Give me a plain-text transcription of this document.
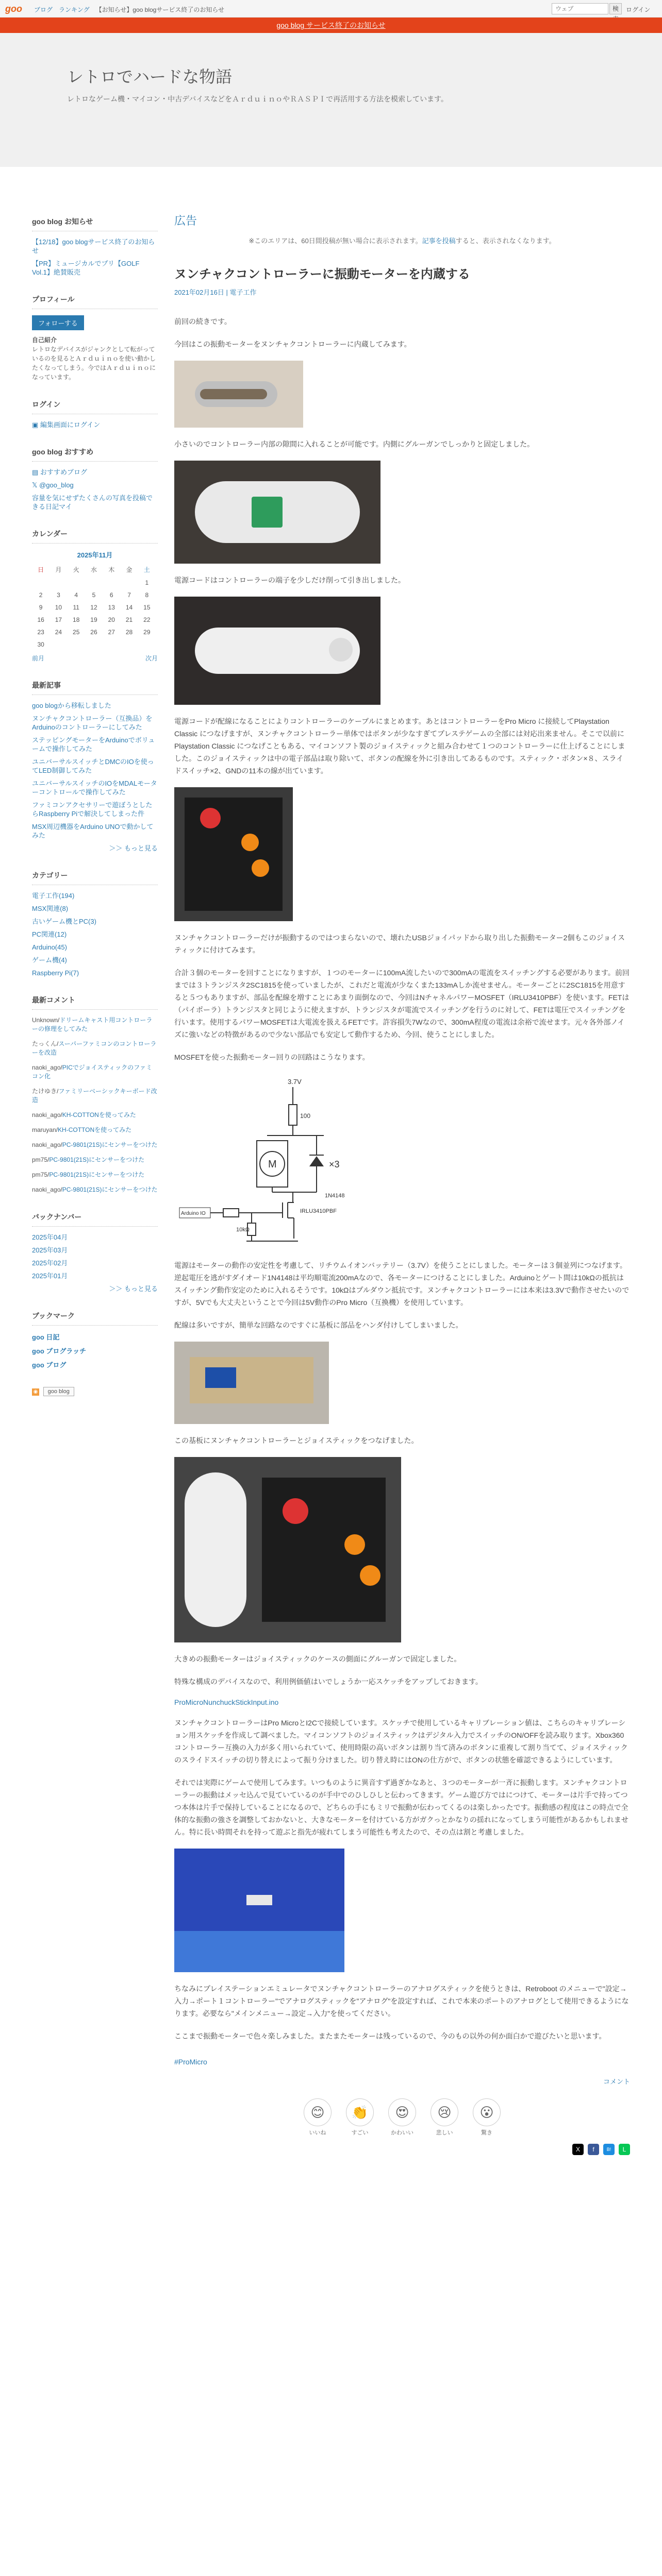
goo ブログ ランキング 【お知らせ】goo blogサービス終了のお知らせ
ウェブ	検	ログイン
goo blog サービス終了のお知らせ
レトロでハードな物語
レトロなゲーム機・マイコン・中古デバイスなどをＡｒｄｕｉｎｏやＲＡＳＰＩで再活用する方法を模索しています。
goo blog お知らせ
【12/18】goo blogサービス終了のお知らせ
【PR】ミュージカルでプリ【GOLF Vol.1】絶賛販売
プロフィール
フォローする
自己紹介
レトロなデバイスがジャンクとして転がっているのを見るとＡｒｄｕｉｎｏを使い動かしたくなってしまう。今ではＡｒｄｕｉｎｏになっています。
ログイン
▣ 編集画面にログイン
goo blog おすすめ
▤ おすすめブログ
𝕏 @goo_blog
容量を気にせずたくさんの写真を投稿できる日記マイ
カレンダー
2025年11月
日	月	火	水	木	金	土
						1
2	3	4	5	6	7	8
9	10	11	12	13	14	15
16	17	18	19	20	21	22
23	24	25	26	27	28	29
30						
前月	次月
最新記事
goo blogから移転しました
ヌンチャクコントローラー（互換品）をArduinoのコントローラーにしてみた
ステッピングモーターをArduinoでボリュームで操作してみた
ユニバーサルスイッチとDMCのIOを使ってLED制御してみた
ユニバーサルスイッチのIOをMDALモーターコントロールで操作してみた
ファミコンアクセサリーで遊ぼうとしたらRaspberry Piで解決してしまった件
MSX周辺機器をArduino UNOで動かしてみた
＞＞ もっと見る
カテゴリー
電子工作(194)
MSX関連(8)
古いゲーム機とPC(3)
PC関連(12)
Arduino(45)
ゲーム機(4)
Raspberry Pi(7)
最新コメント
Unknown/ドリームキャスト用コントローラーの修理をしてみた
たっくん/スーパーファミコンのコントローラーを改造
naoki_ago/PICでジョイスティックのファミコン化
たけゆき/ファミリーベーシックキーボード改造
naoki_ago/KH-COTTONを使ってみた
maruyan/KH-COTTONを使ってみた
naoki_ago/PC-9801(21S)にセンサーをつけた
pm75/PC-9801(21S)にセンサーをつけた
pm75/PC-9801(21S)にセンサーをつけた
naoki_ago/PC-9801(21S)にセンサーをつけた
バックナンバー
2025年04月
2025年03月
2025年02月
2025年01月
＞＞ もっと見る
ブックマーク
goo 日記
goo ブログラッチ
goo ブログ
◉ goo blog
広告
※このエリアは、60日間投稿が無い場合に表示されます。記事を投稿すると、表示されなくなります。
ヌンチャクコントローラーに振動モーターを内蔵する
2021年02月16日 | 電子工作
前回の続きです。
今回はこの振動モーターをヌンチャクコントローラーに内蔵してみます。
小さいのでコントローラー内部の隙間に入れることが可能です。内側にグルーガンでしっかりと固定しました。
電源コードはコントローラーの端子を少しだけ削って引き出しました。
電源コードが配線になることによりコントローラーのケーブルにまとめます。あとはコントローラーをPro Micro に接続してPlaystation Classic につなげますが、ヌンチャクコントローラー単体ではボタンが少なすぎてプレステゲームの全部には対応出来ません。そこで以前にPlaystation Classic につなげこともある、マイコンソフト製のジョイスティックと組み合わせて１つのコントローラーに仕上げることにしました。このジョイスティックは中の電子部品は取り除いて、ボタンの配線を外に引き出してあるものです。スティック・ボタン×８、スライドスイッチ×2、GNDの11本の線が出ています。
ヌンチャクコントローラーだけが振動するのではつまらないので、壊れたUSBジョイパッドから取り出した振動モーター2個もこのジョイスティックに付けてみます。
合計３個のモーターを回すことになりますが、１つのモーターに100mA流したいので300mAの電流をスイッチングする必要があります。前回までは３トランジスタ2SC1815を使っていましたが、これだと電流が少なくまた133mAしか流せません。モーターごとに2SC1815を用意すると５つもありますが、部品を配線を増すことにあまり面倒なので、今回はNチャネルパワーMOSFET（IRLU3410PBF）を使います。FETは（パイポーラ）トランジスタと同じように使えますが、トランジスタが電流でスイッチングを行うのに対して、FETは電圧でスイッチングを行います。使用するパワーMOSFETは大電流を扱えるFETです。許容損失7Wなので、300mA程度の電流は余裕で流せます。元々各外部ノイズに強いなどの特徴があるので少ない部品でも安定して動作するため、今回、使うことにしました。
MOSFETを使った振動モーター回りの回路はこうなります。
3.7V
100
M	×3
IRLU3410PBF
Arduino IO
10kΩ
1N4148
電源はモーターの動作の安定性を考慮して、リチウムイオンバッテリー（3.7V）を使うことにしました。モーターは３個並列につなげます。逆起電圧を逃がすダイオード1N4148は平均順電流200mAなので、各モーターにつけることにしました。Arduinoとゲート間は10kΩの抵抗はスイッチング動作安定のために入れるそうです。10kΩはプルダウン抵抗です。ヌンチャクコントローラーには本来は3.3Vで動作させたいのですが、5Vでも大丈夫ということで今回は5V動作のPro Micro（互換機）を使用しています。
配線は多いですが、簡単な回路なのですぐに基板に部品をハンダ付けしてしまいました。
この基板にヌンチャクコントローラーとジョイスティックをつなげました。
大きめの振動モーターはジョイスティックのケースの側面にグルーガンで固定しました。
特殊な構成のデバイスなので、利用例価値はいでしょうか一応スケッチをアップしておきます。
ProMicroNunchuckStickInput.ino
ヌンチャクコントローラーはPro MicroとI2Cで接続しています。スケッチで使用しているキャリブレーション値は、こちらのキャリブレーション用スケッチを作成して調べました。マイコンソフトのジョイスティックはデジタル入力でスイッチのON/OFFを読み取ります。Xbox360コントローラー互換の入力が多く用いられていて、使用時限の高いボタンは割り当て済みのボタンに重複して割り当てて、ジョイスティックのスライドスイッチの切り替えによって振り分けました。切り替え時にはONの仕方がで、ボタンの状態を確認できるようにしています。
それでは実際にゲームで使用してみます。いつものように異音すず過ぎかなあと、３つのモーターが一斉に振動します。ヌンチャクコントローラーの振動はメッセ込んで見ていているのが手中でのひしひしと伝わってきます。ゲーム遊び方ではにつけて、モーターは片手で持ってつつ本体は片手で保持していることになるので、どちらの手にもミリで振動が伝わってくるのは楽しかったです。振動感の程度はこの時点で全体的な振動の強さを調整しておかないと、大きなモーターを付けている方がガクっとかなりの揺れになってしまう可能性があるかもしれません。特に長い時間それを持って遊ぶと指先が疲れてしまう可能性も考えたので、その点は割と考慮しました。
ちなみにプレイステーションエミュレータでヌンチャクコントローラーのアナログスティックを使うときは、Retroboot のメニューで"設定→入力→ポート１コントローラー"でアナログスティックを"アナログ"を設定すれば、これで本来のポートのアナログとして使用できるようになります。必要なら"メインメニュー→設定→入力"を使ってください。
ここまで振動モーターで色々楽しみました。またまたモーターは残っているので、今のもの以外の何か面白かで遊びたいと思います。
#ProMicro
コメント
😊
いいね
👏
すごい
😍
かわいい
😢
悲しい
😮
驚き
X	f	B!	L
